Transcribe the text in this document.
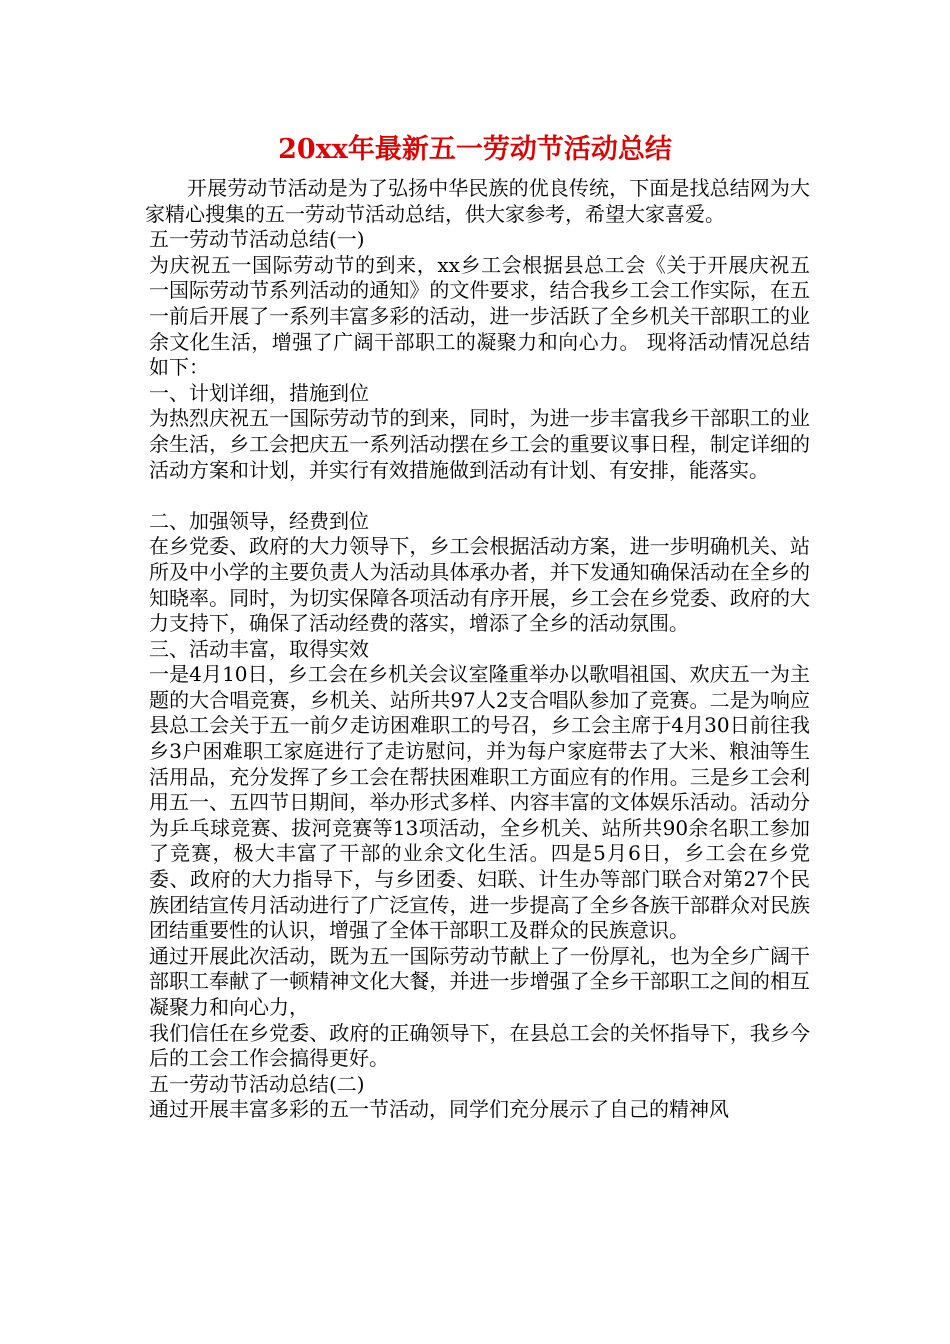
20xx年最新五一劳动节活动总结

开展劳动节活动是为了弘扬中华民族的优良传统，下面是找总结网为大家精心搜集的五一劳动节活动总结，供大家参考，希望大家喜爱。

五一劳动节活动总结(一)

为庆祝五一国际劳动节的到来，xx乡工会根据县总工会《关于开展庆祝五一国际劳动节系列活动的通知》的文件要求，结合我乡工会工作实际，在五一前后开展了一系列丰富多彩的活动，进一步活跃了全乡机关干部职工的业余文化生活，增强了广阔干部职工的凝聚力和向心力。 现将活动情况总结如下：

一、计划详细，措施到位

为热烈庆祝五一国际劳动节的到来，同时，为进一步丰富我乡干部职工的业余生活，乡工会把庆五一系列活动摆在乡工会的重要议事日程，制定详细的活动方案和计划，并实行有效措施做到活动有计划、有安排，能落实。

二、加强领导，经费到位

在乡党委、政府的大力领导下，乡工会根据活动方案，进一步明确机关、站所及中小学的主要负责人为活动具体承办者，并下发通知确保活动在全乡的知晓率。同时，为切实保障各项活动有序开展，乡工会在乡党委、政府的大力支持下，确保了活动经费的落实，增添了全乡的活动氛围。

三、活动丰富，取得实效

一是4月10日，乡工会在乡机关会议室隆重举办以歌唱祖国、欢庆五一为主题的大合唱竞赛，乡机关、站所共97人2支合唱队参加了竞赛。二是为响应县总工会关于五一前夕走访困难职工的号召，乡工会主席于4月30日前往我乡3户困难职工家庭进行了走访慰问，并为每户家庭带去了大米、粮油等生活用品，充分发挥了乡工会在帮扶困难职工方面应有的作用。三是乡工会利用五一、五四节日期间，举办形式多样、内容丰富的文体娱乐活动。活动分为乒乓球竞赛、拔河竞赛等13项活动，全乡机关、站所共90余名职工参加了竞赛，极大丰富了干部的业余文化生活。四是5月6日，乡工会在乡党委、政府的大力指导下，与乡团委、妇联、计生办等部门联合对第27个民族团结宣传月活动进行了广泛宣传，进一步提高了全乡各族干部群众对民族团结重要性的认识，增强了全体干部职工及群众的民族意识。

通过开展此次活动，既为五一国际劳动节献上了一份厚礼，也为全乡广阔干部职工奉献了一顿精神文化大餐，并进一步增强了全乡干部职工之间的相互凝聚力和向心力，

我们信任在乡党委、政府的正确领导下，在县总工会的关怀指导下，我乡今后的工会工作会搞得更好。

五一劳动节活动总结(二)

通过开展丰富多彩的五一节活动，同学们充分展示了自己的精神风
